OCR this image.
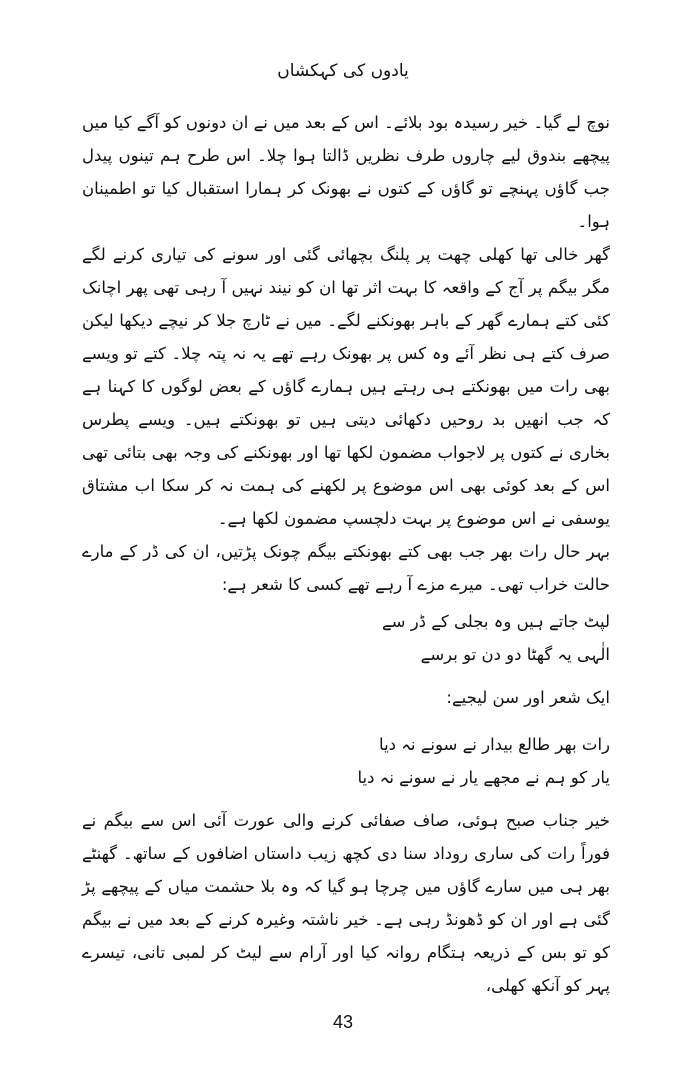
یادوں کی کہکشاں

نوچ لے گیا۔ خیر رسیدہ بود بلائے۔ اس کے بعد میں نے ان دونوں کو آگے کیا میں پیچھے بندوق لیے چاروں طرف نظریں ڈالتا ہوا چلا۔ اس طرح ہم تینوں پیدل جب گاؤں پہنچے تو گاؤں کے کتوں نے بھونک کر ہمارا استقبال کیا تو اطمینان ہوا۔

گھر خالی تھا کھلی چھت پر پلنگ بچھائی گئی اور سونے کی تیاری کرنے لگے مگر بیگم پر آج کے واقعہ کا بہت اثر تھا ان کو نیند نہیں آ رہی تھی پھر اچانک کئی کتے ہمارے گھر کے باہر بھونکنے لگے۔ میں نے ٹارچ جلا کر نیچے دیکھا لیکن صرف کتے ہی نظر آئے وہ کس پر بھونک رہے تھے یہ نہ پتہ چلا۔ کتے تو ویسے بھی رات میں بھونکتے ہی رہتے ہیں ہمارے گاؤں کے بعض لوگوں کا کہنا ہے کہ جب انھیں بد روحیں دکھائی دیتی ہیں تو بھونکتے ہیں۔ ویسے پطرس بخاری نے کتوں پر لاجواب مضمون لکھا تھا اور بھونکنے کی وجہ بھی بتائی تھی اس کے بعد کوئی بھی اس موضوع پر لکھنے کی ہمت نہ کر سکا اب مشتاق یوسفی نے اس موضوع پر بہت دلچسپ مضمون لکھا ہے۔

بہر حال رات بھر جب بھی کتے بھونکتے بیگم چونک پڑتیں، ان کی ڈر کے مارے حالت خراب تھی۔ میرے مزے آ رہے تھے کسی کا شعر ہے:

لپٹ جاتے ہیں وہ بجلی کے ڈر سے

الٰہی یہ گھٹا دو دن تو برسے

ایک شعر اور سن لیجیے:

رات بھر طالع بیدار نے سونے نہ دیا

یار کو ہم نے مجھے یار نے سونے نہ دیا

خیر جناب صبح ہوئی، صاف صفائی کرنے والی عورت آئی اس سے بیگم نے فوراً رات کی ساری روداد سنا دی کچھ زیب داستاں اضافوں کے ساتھ۔ گھنٹے بھر ہی میں سارے گاؤں میں چرچا ہو گیا کہ وہ بلا حشمت میاں کے پیچھے پڑ گئی ہے اور ان کو ڈھونڈ رہی ہے۔ خیر ناشتہ وغیرہ کرنے کے بعد میں نے بیگم کو تو بس کے ذریعہ ہتگام روانہ کیا اور آرام سے لیٹ کر لمبی تانی، تیسرے پہر کو آنکھ کھلی،

43
